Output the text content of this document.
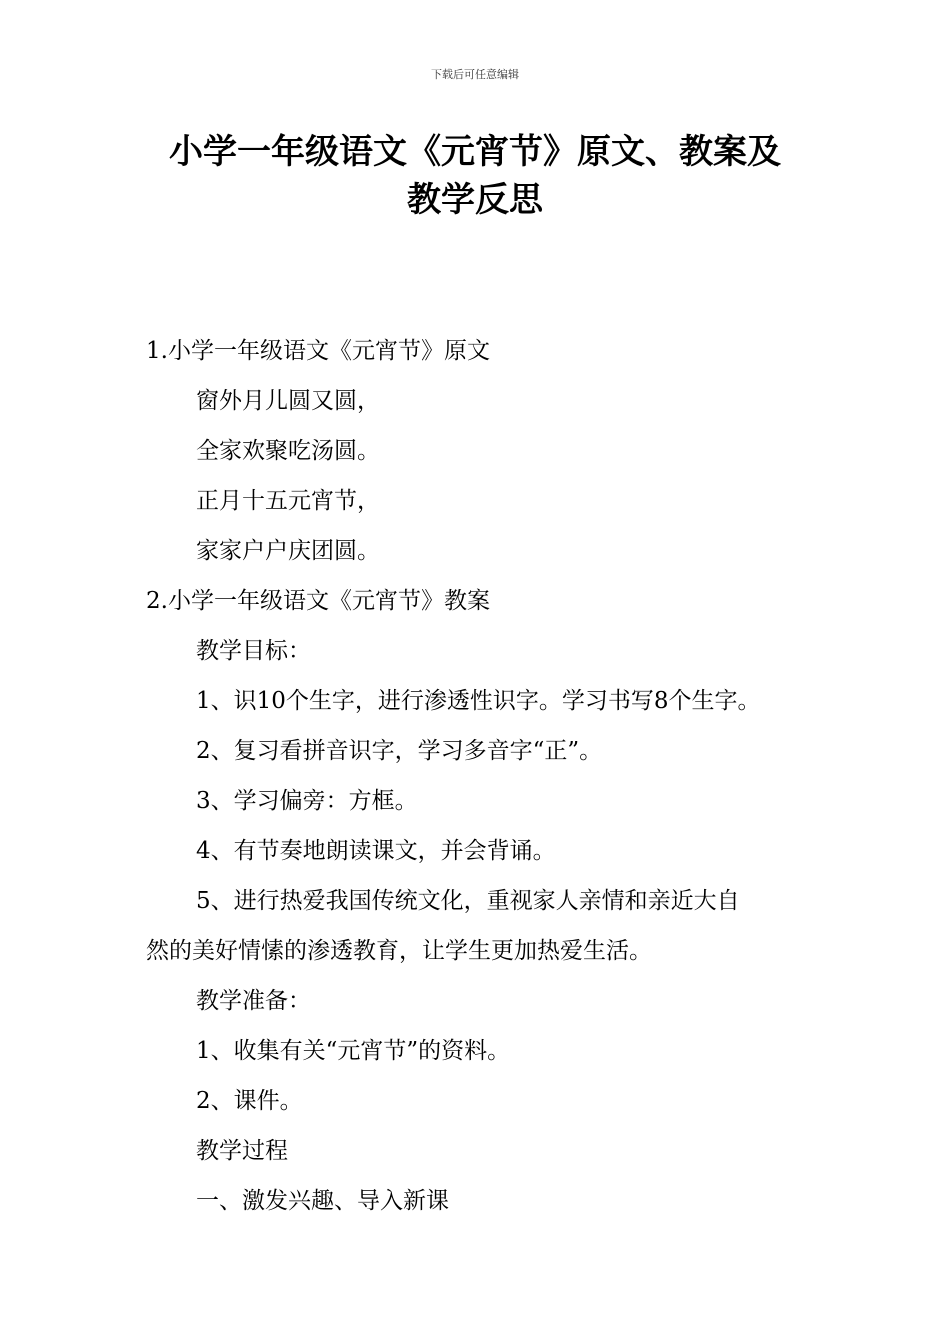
下载后可任意编辑
小学一年级语文《元宵节》原文、教案及
教学反思
1.小学一年级语文《元宵节》原文
窗外月儿圆又圆，
全家欢聚吃汤圆。
正月十五元宵节，
家家户户庆团圆。
2.小学一年级语文《元宵节》教案
教学目标：
1、识10个生字，进行渗透性识字。学习书写8个生字。
2、复习看拼音识字，学习多音字“正”。
3、学习偏旁：方框。
4、有节奏地朗读课文，并会背诵。
5、进行热爱我国传统文化，重视家人亲情和亲近大自
然的美好情愫的渗透教育，让学生更加热爱生活。
教学准备：
1、收集有关“元宵节”的资料。
2、课件。
教学过程
一、激发兴趣、导入新课
